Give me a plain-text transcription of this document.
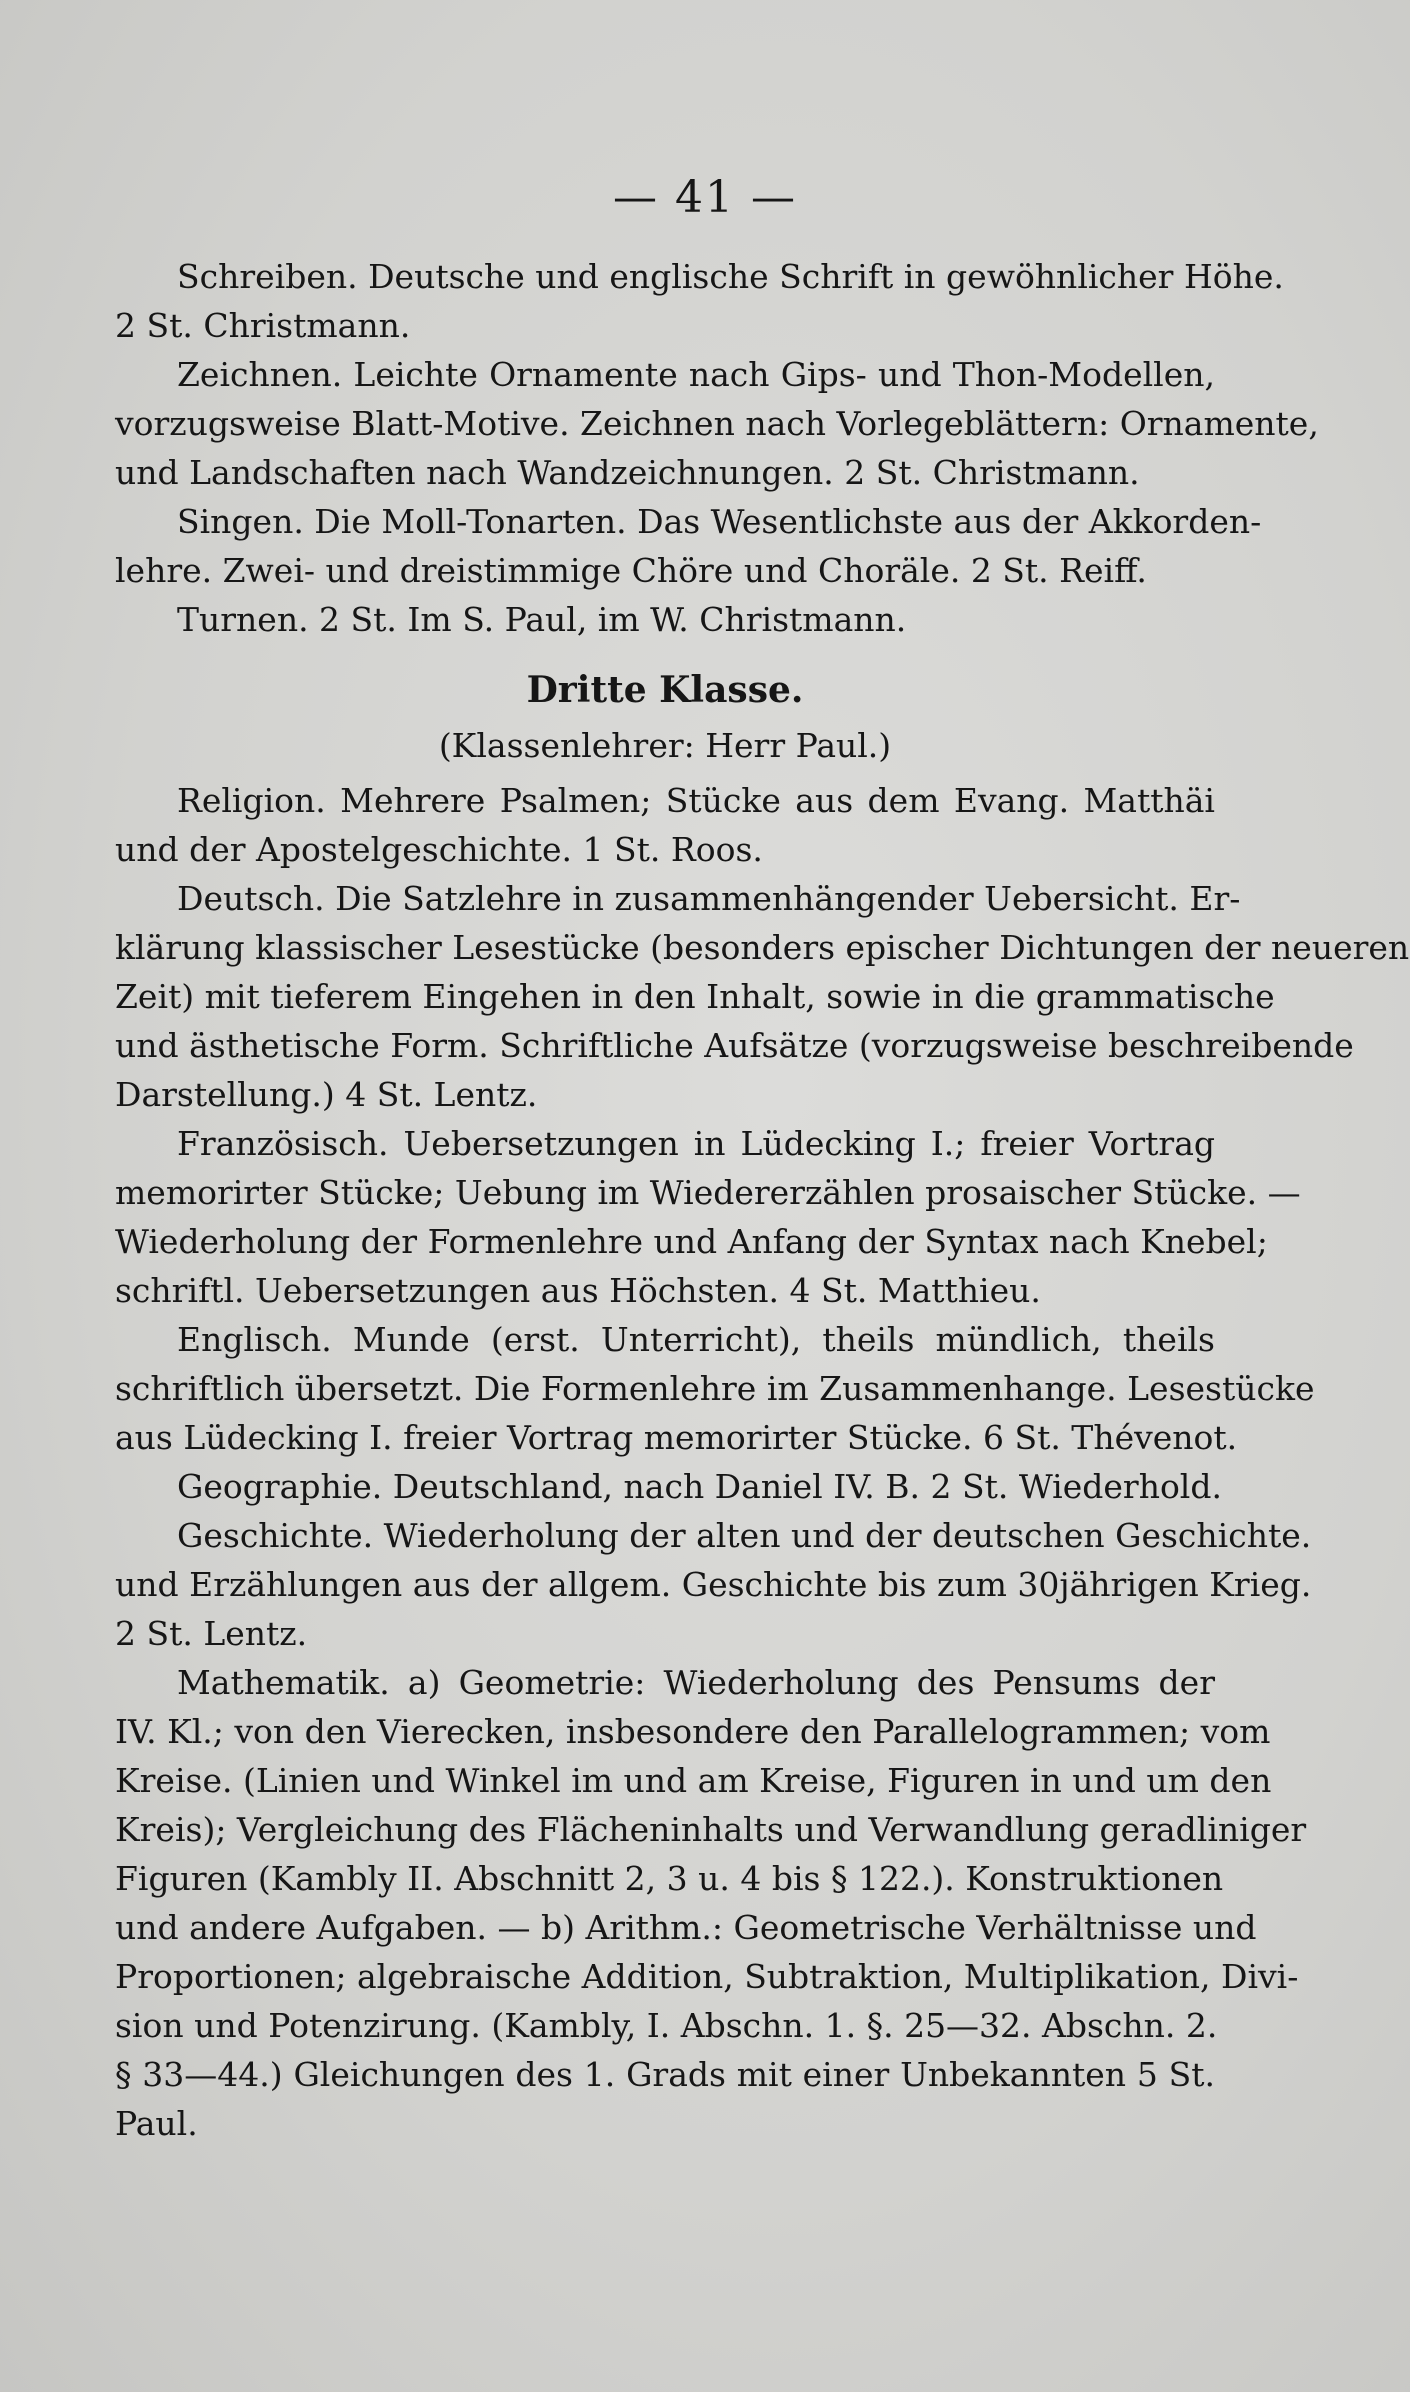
— 41 —
Schreiben. Deutsche und englische Schrift in gewöhnlicher Höhe.
2 St. Christmann.
Zeichnen. Leichte Ornamente nach Gips- und Thon-Modellen,
vorzugsweise Blatt-Motive. Zeichnen nach Vorlegeblättern: Ornamente,
und Landschaften nach Wandzeichnungen. 2 St. Christmann.
Singen. Die Moll-Tonarten. Das Wesentlichste aus der Akkorden-
lehre. Zwei- und dreistimmige Chöre und Choräle. 2 St. Reiff.
Turnen. 2 St. Im S. Paul, im W. Christmann.
Dritte Klasse.
(Klassenlehrer: Herr Paul.)
Religion. Mehrere Psalmen; Stücke aus dem Evang. Matthäi
und der Apostelgeschichte. 1 St. Roos.
Deutsch. Die Satzlehre in zusammenhängender Uebersicht. Er-
klärung klassischer Lesestücke (besonders epischer Dichtungen der neueren
Zeit) mit tieferem Eingehen in den Inhalt, sowie in die grammatische
und ästhetische Form. Schriftliche Aufsätze (vorzugsweise beschreibende
Darstellung.) 4 St. Lentz.
Französisch. Uebersetzungen in Lüdecking I.; freier Vortrag
memorirter Stücke; Uebung im Wiedererzählen prosaischer Stücke. —
Wiederholung der Formenlehre und Anfang der Syntax nach Knebel;
schriftl. Uebersetzungen aus Höchsten. 4 St. Matthieu.
Englisch. Munde (erst. Unterricht), theils mündlich, theils
schriftlich übersetzt. Die Formenlehre im Zusammenhange. Lesestücke
aus Lüdecking I. freier Vortrag memorirter Stücke. 6 St. Thévenot.
Geographie. Deutschland, nach Daniel IV. B. 2 St. Wiederhold.
Geschichte. Wiederholung der alten und der deutschen Geschichte.
und Erzählungen aus der allgem. Geschichte bis zum 30jährigen Krieg.
2 St. Lentz.
Mathematik. a) Geometrie: Wiederholung des Pensums der
IV. Kl.; von den Vierecken, insbesondere den Parallelogrammen; vom
Kreise. (Linien und Winkel im und am Kreise, Figuren in und um den
Kreis); Vergleichung des Flächeninhalts und Verwandlung geradliniger
Figuren (Kambly II. Abschnitt 2, 3 u. 4 bis § 122.). Konstruktionen
und andere Aufgaben. — b) Arithm.: Geometrische Verhältnisse und
Proportionen; algebraische Addition, Subtraktion, Multiplikation, Divi-
sion und Potenzirung. (Kambly, I. Abschn. 1. §. 25—32. Abschn. 2.
§ 33—44.) Gleichungen des 1. Grads mit einer Unbekannten 5 St.
Paul.
